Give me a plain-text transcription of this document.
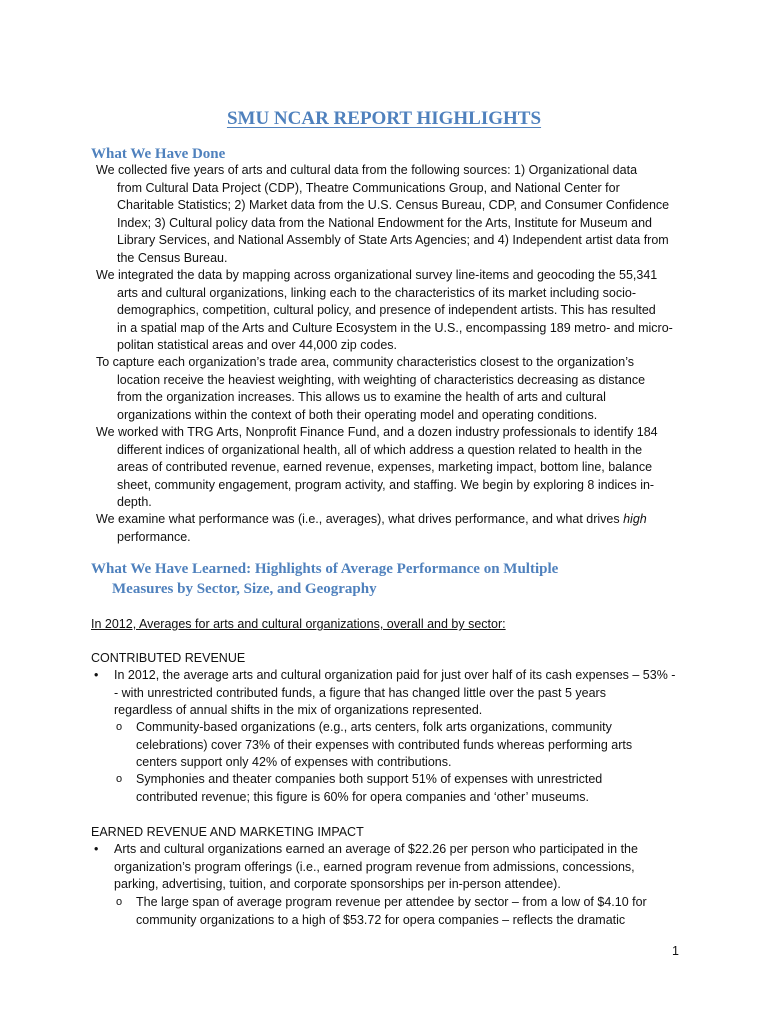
SMU NCAR REPORT HIGHLIGHTS
What We Have Done
We collected five years of arts and cultural data from the following sources: 1) Organizational data
from Cultural Data Project (CDP), Theatre Communications Group, and National Center for
Charitable Statistics; 2) Market data from the U.S. Census Bureau, CDP, and Consumer Confidence
Index; 3) Cultural policy data from the National Endowment for the Arts, Institute for Museum and
Library Services, and National Assembly of State Arts Agencies; and 4) Independent artist data from
the Census Bureau.
We integrated the data by mapping across organizational survey line-items and geocoding the 55,341
arts and cultural organizations, linking each to the characteristics of its market including socio-
demographics, competition, cultural policy, and presence of independent artists. This has resulted
in a spatial map of the Arts and Culture Ecosystem in the U.S., encompassing 189 metro- and micro-
politan statistical areas and over 44,000 zip codes.
To capture each organization’s trade area, community characteristics closest to the organization’s
location receive the heaviest weighting, with weighting of characteristics decreasing as distance
from the organization increases. This allows us to examine the health of arts and cultural
organizations within the context of both their operating model and operating conditions.
We worked with TRG Arts, Nonprofit Finance Fund, and a dozen industry professionals to identify 184
different indices of organizational health, all of which address a question related to health in the
areas of contributed revenue, earned revenue, expenses, marketing impact, bottom line, balance
sheet, community engagement, program activity, and staffing. We begin by exploring 8 indices in-
depth.
We examine what performance was (i.e., averages), what drives performance, and what drives high
performance.
What We Have Learned: Highlights of Average Performance on Multiple
Measures by Sector, Size, and Geography
In 2012, Averages for arts and cultural organizations, overall and by sector:
CONTRIBUTED REVENUE
•	In 2012, the average arts and cultural organization paid for just over half of its cash expenses – 53% -
- with unrestricted contributed funds, a figure that has changed little over the past 5 years
regardless of annual shifts in the mix of organizations represented.
o	Community-based organizations (e.g., arts centers, folk arts organizations, community
celebrations) cover 73% of their expenses with contributed funds whereas performing arts
centers support only 42% of expenses with contributions.
o	Symphonies and theater companies both support 51% of expenses with unrestricted
contributed revenue; this figure is 60% for opera companies and ‘other’ museums.
EARNED REVENUE AND MARKETING IMPACT
•	Arts and cultural organizations earned an average of $22.26 per person who participated in the
organization’s program offerings (i.e., earned program revenue from admissions, concessions,
parking, advertising, tuition, and corporate sponsorships per in-person attendee).
o	The large span of average program revenue per attendee by sector – from a low of $4.10 for
community organizations to a high of $53.72 for opera companies – reflects the dramatic
1
